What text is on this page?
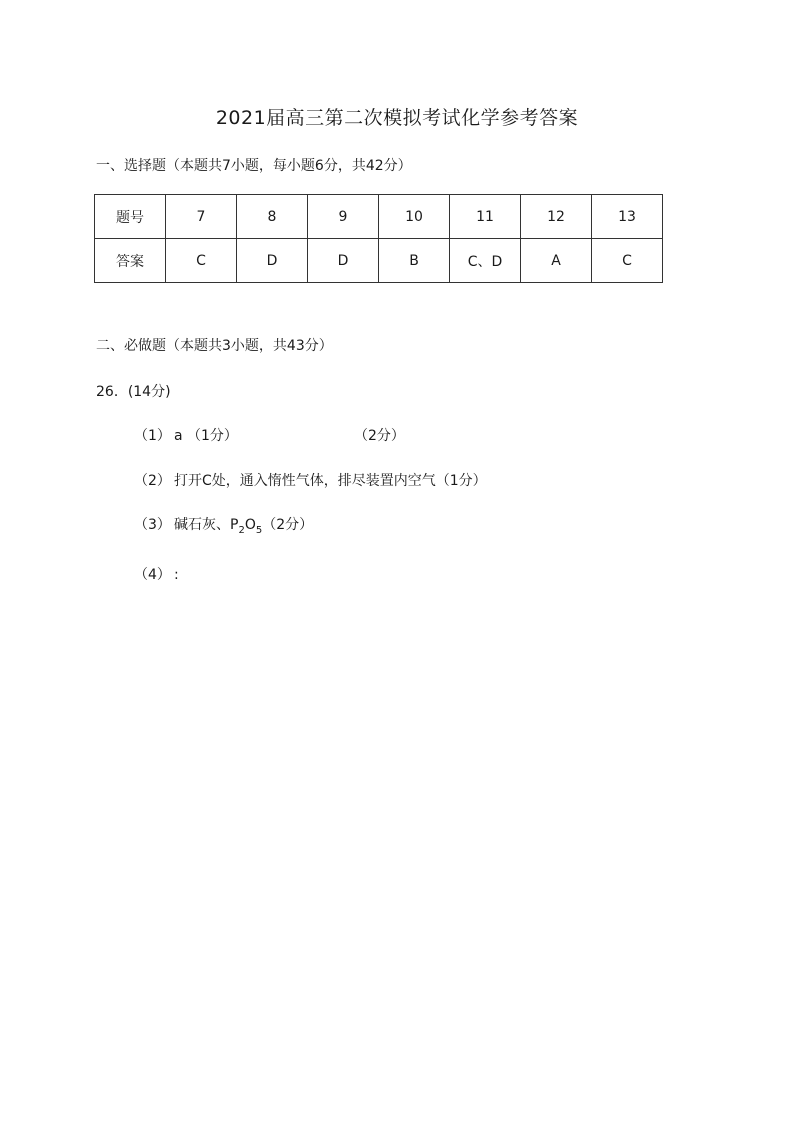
2021届高三第二次模拟考试化学参考答案
一、选择题（本题共7小题，每小题6分，共42分）
题号	7	8	9	10	11	12	13
答案	C	D	D	B	C、D	A	C
二、必做题（本题共3小题，共43分）
26．(14分)
（1） a （1分）	（2分）
（2） 打开C处，通入惰性气体，排尽装置内空气（1分）
（3） 碱石灰、$P_2O_5(2$分）
（4） :
